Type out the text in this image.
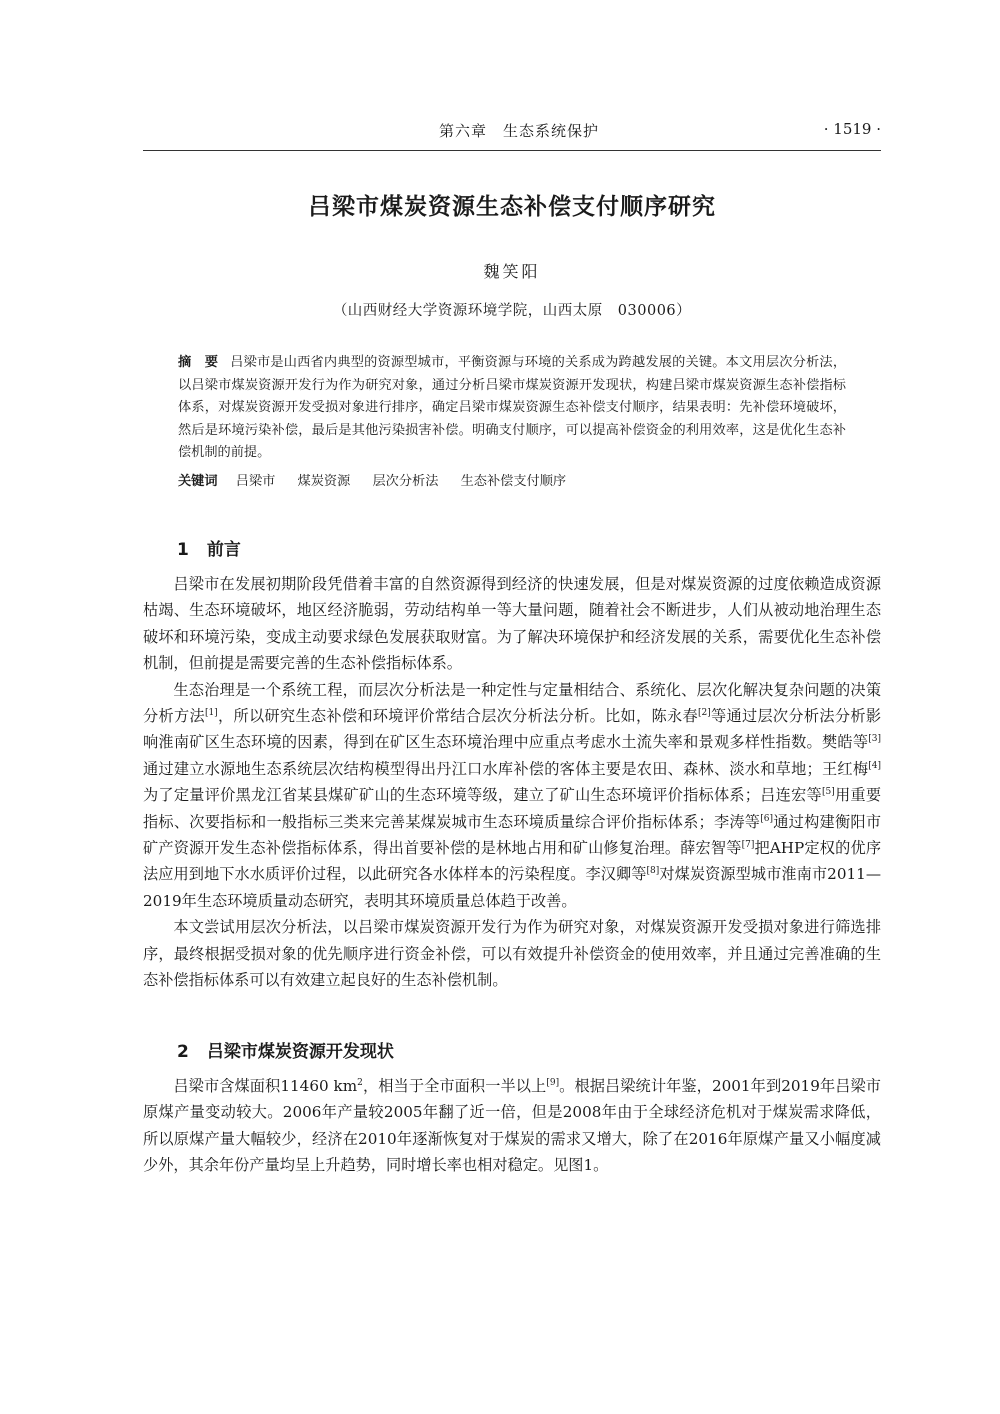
第六章　生态系统保护	· 1519 ·
吕梁市煤炭资源生态补偿支付顺序研究
魏笑阳
（山西财经大学资源环境学院，山西太原　030006）
摘　要 吕梁市是山西省内典型的资源型城市，平衡资源与环境的关系成为跨越发展的关键。本文用层次分析法，以吕梁市煤炭资源开发行为作为研究对象，通过分析吕梁市煤炭资源开发现状，构建吕梁市煤炭资源生态补偿指标体系，对煤炭资源开发受损对象进行排序，确定吕梁市煤炭资源生态补偿支付顺序，结果表明：先补偿环境破坏，然后是环境污染补偿，最后是其他污染损害补偿。明确支付顺序，可以提高补偿资金的利用效率，这是优化生态补偿机制的前提。
关键词 吕梁市 煤炭资源 层次分析法 生态补偿支付顺序
1 前言

吕梁市在发展初期阶段凭借着丰富的自然资源得到经济的快速发展，但是对煤炭资源的过度依赖造成资源枯竭、生态环境破坏，地区经济脆弱，劳动结构单一等大量问题，随着社会不断进步，人们从被动地治理生态破坏和环境污染，变成主动要求绿色发展获取财富。为了解决环境保护和经济发展的关系，需要优化生态补偿机制，但前提是需要完善的生态补偿指标体系。

生态治理是一个系统工程，而层次分析法是一种定性与定量相结合、系统化、层次化解决复杂问题的决策分析方法[1]，所以研究生态补偿和环境评价常结合层次分析法分析。比如，陈永春[2]等通过层次分析法分析影响淮南矿区生态环境的因素，得到在矿区生态环境治理中应重点考虑水土流失率和景观多样性指数。樊皓等[3]通过建立水源地生态系统层次结构模型得出丹江口水库补偿的客体主要是农田、森林、淡水和草地；王红梅[4]为了定量评价黑龙江省某县煤矿矿山的生态环境等级，建立了矿山生态环境评价指标体系；吕连宏等[5]用重要指标、次要指标和一般指标三类来完善某煤炭城市生态环境质量综合评价指标体系；李涛等[6]通过构建衡阳市矿产资源开发生态补偿指标体系，得出首要补偿的是林地占用和矿山修复治理。薛宏智等[7]把AHP定权的优序法应用到地下水水质评价过程，以此研究各水体样本的污染程度。李汉卿等[8]对煤炭资源型城市淮南市2011—2019年生态环境质量动态研究，表明其环境质量总体趋于改善。

本文尝试用层次分析法，以吕梁市煤炭资源开发行为作为研究对象，对煤炭资源开发受损对象进行筛选排序，最终根据受损对象的优先顺序进行资金补偿，可以有效提升补偿资金的使用效率，并且通过完善准确的生态补偿指标体系可以有效建立起良好的生态补偿机制。

2 吕梁市煤炭资源开发现状

吕梁市含煤面积11460 $km^2$，相当于全市面积一半以上[9]。根据吕梁统计年鉴，2001年到2019年吕梁市原煤产量变动较大。2006年产量较2005年翻了近一倍，但是2008年由于全球经济危机对于煤炭需求降低，所以原煤产量大幅较少，经济在2010年逐渐恢复对于煤炭的需求又增大，除了在2016年原煤产量又小幅度减少外，其余年份产量均呈上升趋势，同时增长率也相对稳定。见图1。
